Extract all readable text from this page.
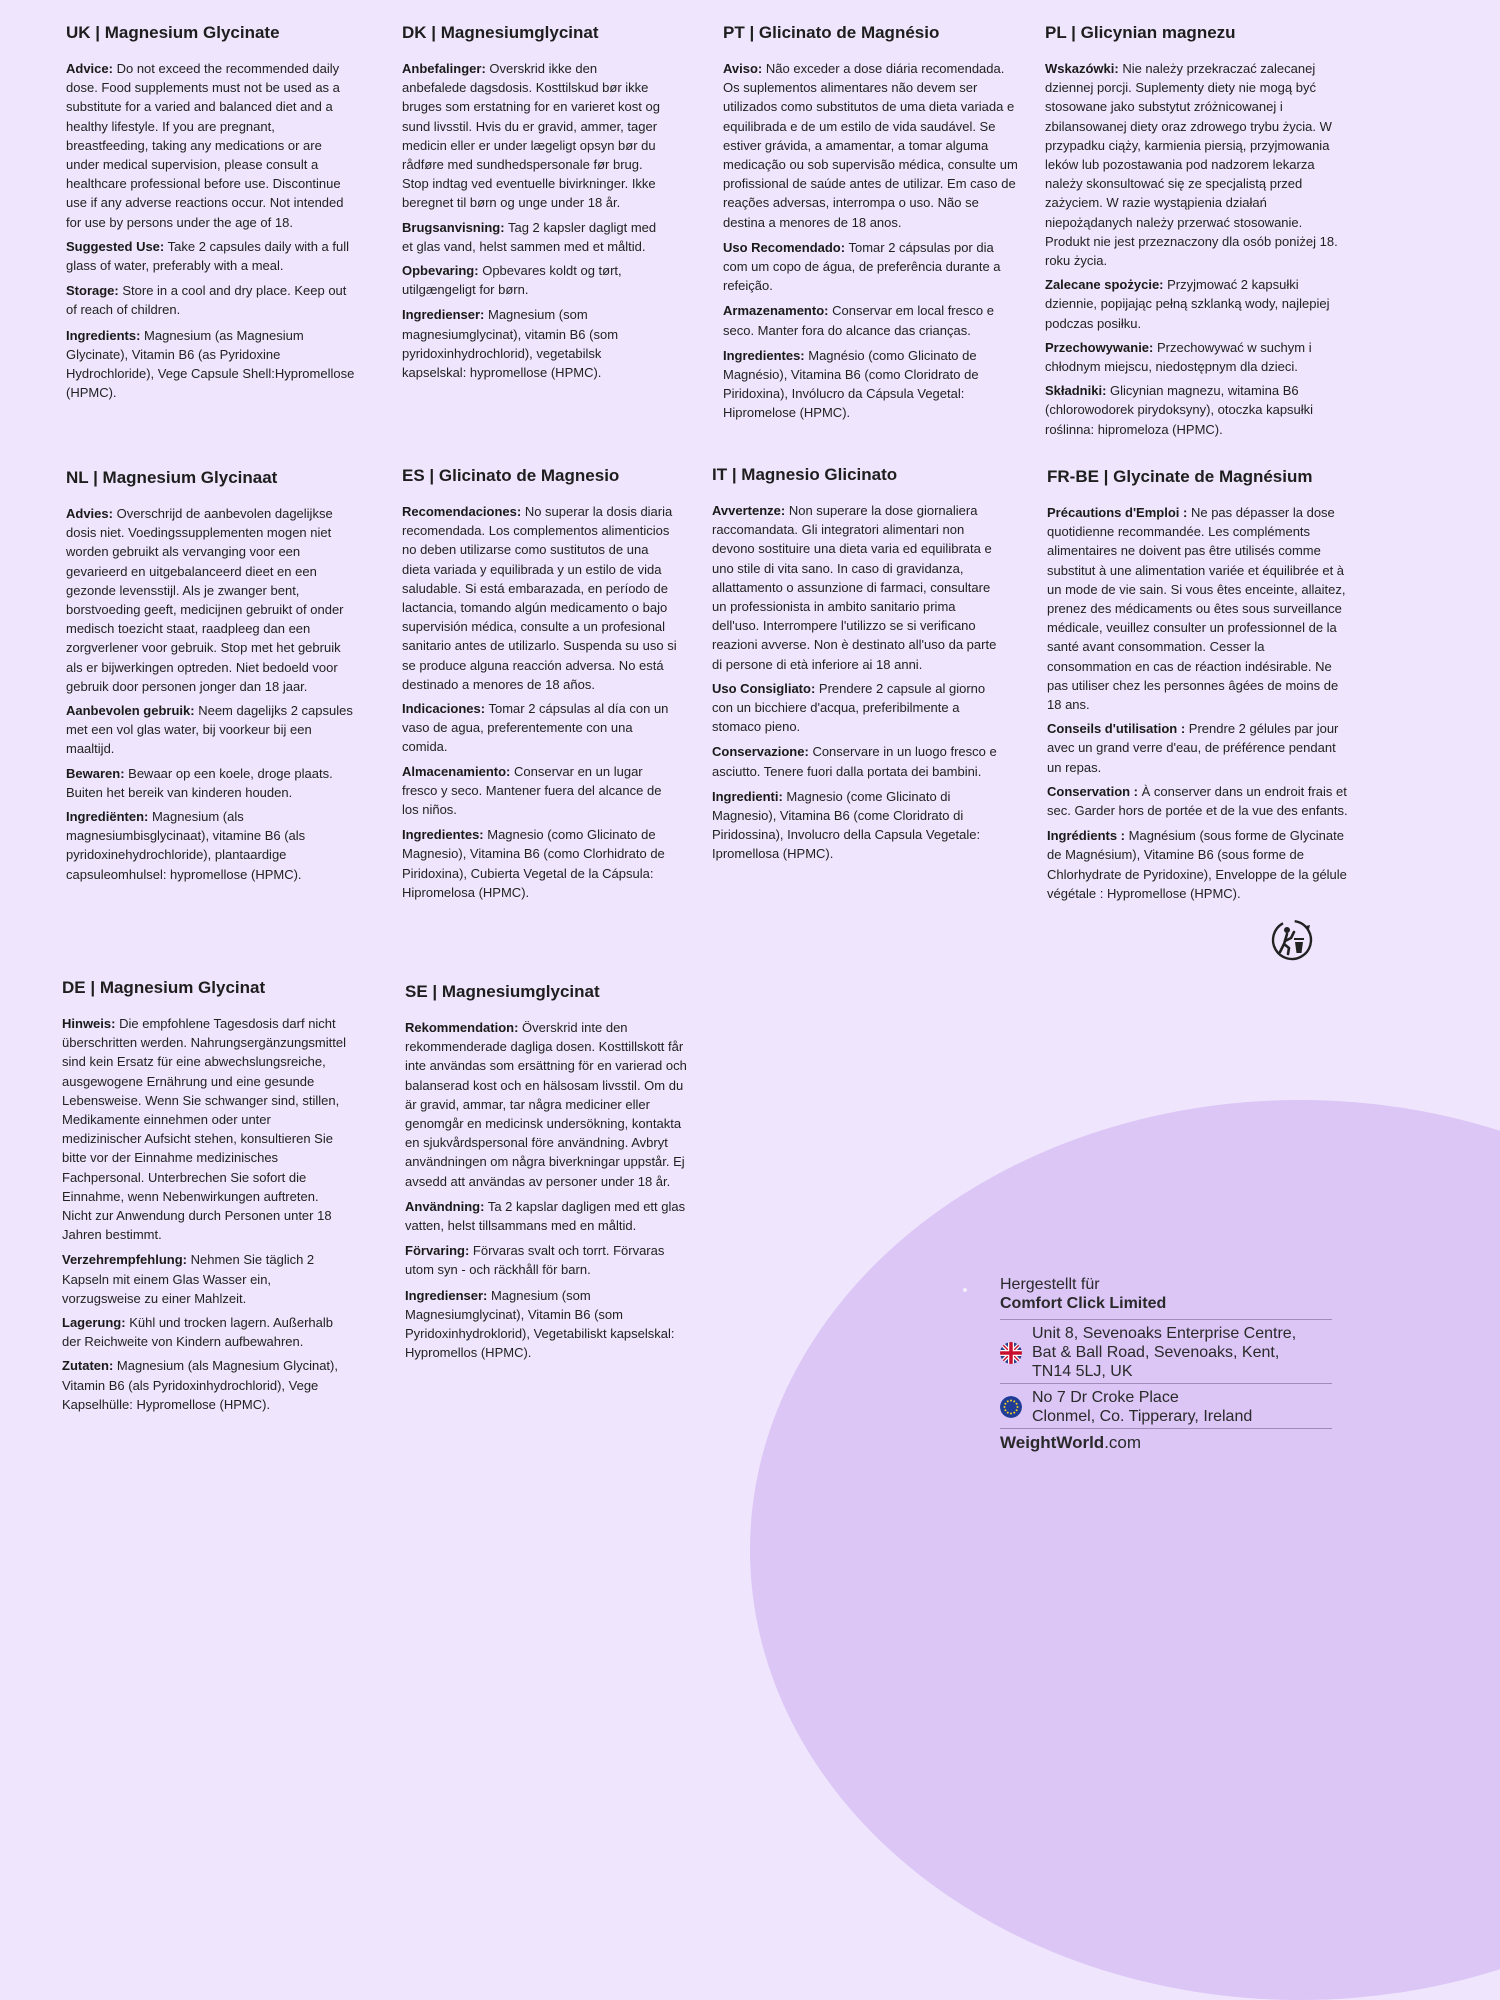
UK | Magnesium Glycinate

Advice: Do not exceed the recommended daily dose. Food supplements must not be used as a substitute for a varied and balanced diet and a healthy lifestyle. If you are pregnant, breastfeeding, taking any medications or are under medical supervision, please consult a healthcare professional before use. Discontinue use if any adverse reactions occur. Not intended for use by persons under the age of 18.

Suggested Use: Take 2 capsules daily with a full glass of water, preferably with a meal.

Storage: Store in a cool and dry place. Keep out of reach of children.

Ingredients: Magnesium (as Magnesium Glycinate), Vitamin B6 (as Pyridoxine Hydrochloride), Vege Capsule Shell:Hypromellose (HPMC).

DK | Magnesiumglycinat

Anbefalinger: Overskrid ikke den anbefalede dagsdosis. Kosttilskud bør ikke bruges som erstatning for en varieret kost og sund livsstil. Hvis du er gravid, ammer, tager medicin eller er under lægeligt opsyn bør du rådføre med sundhedspersonale før brug. Stop indtag ved eventuelle bivirkninger. Ikke beregnet til børn og unge under 18 år.

Brugsanvisning: Tag 2 kapsler dagligt med et glas vand, helst sammen med et måltid.

Opbevaring: Opbevares koldt og tørt, utilgængeligt for børn.

Ingredienser: Magnesium (som magnesiumglycinat), vitamin B6 (som pyridoxinhydrochlorid), vegetabilsk kapselskal: hypromellose (HPMC).

PT | Glicinato de Magnésio

Aviso: Não exceder a dose diária recomendada. Os suplementos alimentares não devem ser utilizados como substitutos de uma dieta variada e equilibrada e de um estilo de vida saudável. Se estiver grávida, a amamentar, a tomar alguma medicação ou sob supervisão médica, consulte um profissional de saúde antes de utilizar. Em caso de reações adversas, interrompa o uso. Não se destina a menores de 18 anos.

Uso Recomendado: Tomar 2 cápsulas por dia com um copo de água, de preferência durante a refeição.

Armazenamento: Conservar em local fresco e seco. Manter fora do alcance das crianças.

Ingredientes: Magnésio (como Glicinato de Magnésio), Vitamina B6 (como Cloridrato de Piridoxina), Invólucro da Cápsula Vegetal: Hipromelose (HPMC).

PL | Glicynian magnezu

Wskazówki: Nie należy przekraczać zalecanej dziennej porcji. Suplementy diety nie mogą być stosowane jako substytut zróżnicowanej i zbilansowanej diety oraz zdrowego trybu życia. W przypadku ciąży, karmienia piersią, przyjmowania leków lub pozostawania pod nadzorem lekarza należy skonsultować się ze specjalistą przed zażyciem. W razie wystąpienia działań niepożądanych należy przerwać stosowanie. Produkt nie jest przeznaczony dla osób poniżej 18. roku życia.

Zalecane spożycie: Przyjmować 2 kapsułki dziennie, popijając pełną szklanką wody, najlepiej podczas posiłku.

Przechowywanie: Przechowywać w suchym i chłodnym miejscu, niedostępnym dla dzieci.

Składniki: Glicynian magnezu, witamina B6 (chlorowodorek pirydoksyny), otoczka kapsułki roślinna: hipromeloza (HPMC).

NL | Magnesium Glycinaat

Advies: Overschrijd de aanbevolen dagelijkse dosis niet. Voedingssupplementen mogen niet worden gebruikt als vervanging voor een gevarieerd en uitgebalanceerd dieet en een gezonde levensstijl. Als je zwanger bent, borstvoeding geeft, medicijnen gebruikt of onder medisch toezicht staat, raadpleeg dan een zorgverlener voor gebruik. Stop met het gebruik als er bijwerkingen optreden. Niet bedoeld voor gebruik door personen jonger dan 18 jaar.

Aanbevolen gebruik: Neem dagelijks 2 capsules met een vol glas water, bij voorkeur bij een maaltijd.

Bewaren: Bewaar op een koele, droge plaats. Buiten het bereik van kinderen houden.

Ingrediënten: Magnesium (als magnesiumbisglycinaat), vitamine B6 (als pyridoxinehydrochloride), plantaardige capsuleomhulsel: hypromellose (HPMC).

ES | Glicinato de Magnesio

Recomendaciones: No superar la dosis diaria recomendada. Los complementos alimenticios no deben utilizarse como sustitutos de una dieta variada y equilibrada y un estilo de vida saludable. Si está embarazada, en período de lactancia, tomando algún medicamento o bajo supervisión médica, consulte a un profesional sanitario antes de utilizarlo. Suspenda su uso si se produce alguna reacción adversa. No está destinado a menores de 18 años.

Indicaciones: Tomar 2 cápsulas al día con un vaso de agua, preferentemente con una comida.

Almacenamiento: Conservar en un lugar fresco y seco. Mantener fuera del alcance de los niños.

Ingredientes: Magnesio (como Glicinato de Magnesio), Vitamina B6 (como Clorhidrato de Piridoxina), Cubierta Vegetal de la Cápsula: Hipromelosa (HPMC).

IT | Magnesio Glicinato

Avvertenze: Non superare la dose giornaliera raccomandata. Gli integratori alimentari non devono sostituire una dieta varia ed equilibrata e uno stile di vita sano. In caso di gravidanza, allattamento o assunzione di farmaci, consultare un professionista in ambito sanitario prima dell'uso. Interrompere l'utilizzo se si verificano reazioni avverse. Non è destinato all'uso da parte di persone di età inferiore ai 18 anni.

Uso Consigliato: Prendere 2 capsule al giorno con un bicchiere d'acqua, preferibilmente a stomaco pieno.

Conservazione: Conservare in un luogo fresco e asciutto. Tenere fuori dalla portata dei bambini.

Ingredienti: Magnesio (come Glicinato di Magnesio), Vitamina B6 (come Cloridrato di Piridossina), Involucro della Capsula Vegetale: Ipromellosa (HPMC).

FR-BE | Glycinate de Magnésium

Précautions d'Emploi : Ne pas dépasser la dose quotidienne recommandée. Les compléments alimentaires ne doivent pas être utilisés comme substitut à une alimentation variée et équilibrée et à un mode de vie sain. Si vous êtes enceinte, allaitez, prenez des médicaments ou êtes sous surveillance médicale, veuillez consulter un professionnel de la santé avant consommation. Cesser la consommation en cas de réaction indésirable. Ne pas utiliser chez les personnes âgées de moins de 18 ans.

Conseils d'utilisation : Prendre 2 gélules par jour avec un grand verre d'eau, de préférence pendant un repas.

Conservation : À conserver dans un endroit frais et sec. Garder hors de portée et de la vue des enfants.

Ingrédients : Magnésium (sous forme de Glycinate de Magnésium), Vitamine B6 (sous forme de Chlorhydrate de Pyridoxine), Enveloppe de la gélule végétale : Hypromellose (HPMC).

DE | Magnesium Glycinat

Hinweis: Die empfohlene Tagesdosis darf nicht überschritten werden. Nahrungsergänzungsmittel sind kein Ersatz für eine abwechslungsreiche, ausgewogene Ernährung und eine gesunde Lebensweise. Wenn Sie schwanger sind, stillen, Medikamente einnehmen oder unter medizinischer Aufsicht stehen, konsultieren Sie bitte vor der Einnahme medizinisches Fachpersonal. Unterbrechen Sie sofort die Einnahme, wenn Nebenwirkungen auftreten. Nicht zur Anwendung durch Personen unter 18 Jahren bestimmt.

Verzehrempfehlung: Nehmen Sie täglich 2 Kapseln mit einem Glas Wasser ein, vorzugsweise zu einer Mahlzeit.

Lagerung: Kühl und trocken lagern. Außerhalb der Reichweite von Kindern aufbewahren.

Zutaten: Magnesium (als Magnesium Glycinat), Vitamin B6 (als Pyridoxinhydrochlorid), Vege Kapselhülle: Hypromellose (HPMC).

SE | Magnesiumglycinat

Rekommendation: Överskrid inte den rekommenderade dagliga dosen. Kosttillskott får inte användas som ersättning för en varierad och balanserad kost och en hälsosam livsstil. Om du är gravid, ammar, tar några mediciner eller genomgår en medicinsk undersökning, kontakta en sjukvårdspersonal före användning. Avbryt användningen om några biverkningar uppstår. Ej avsedd att användas av personer under 18 år.

Användning: Ta 2 kapslar dagligen med ett glas vatten, helst tillsammans med en måltid.

Förvaring: Förvaras svalt och torrt. Förvaras utom syn - och räckhåll för barn.

Ingredienser: Magnesium (som Magnesiumglycinat), Vitamin B6 (som Pyridoxinhydroklorid), Vegetabiliskt kapselskal: Hypromellos (HPMC).

Hergestellt für

Comfort Click Limited

Unit 8, Sevenoaks Enterprise Centre,
Bat & Ball Road, Sevenoaks, Kent,
TN14 5LJ, UK
No 7 Dr Croke Place
Clonmel, Co. Tipperary, Ireland
WeightWorld.com
